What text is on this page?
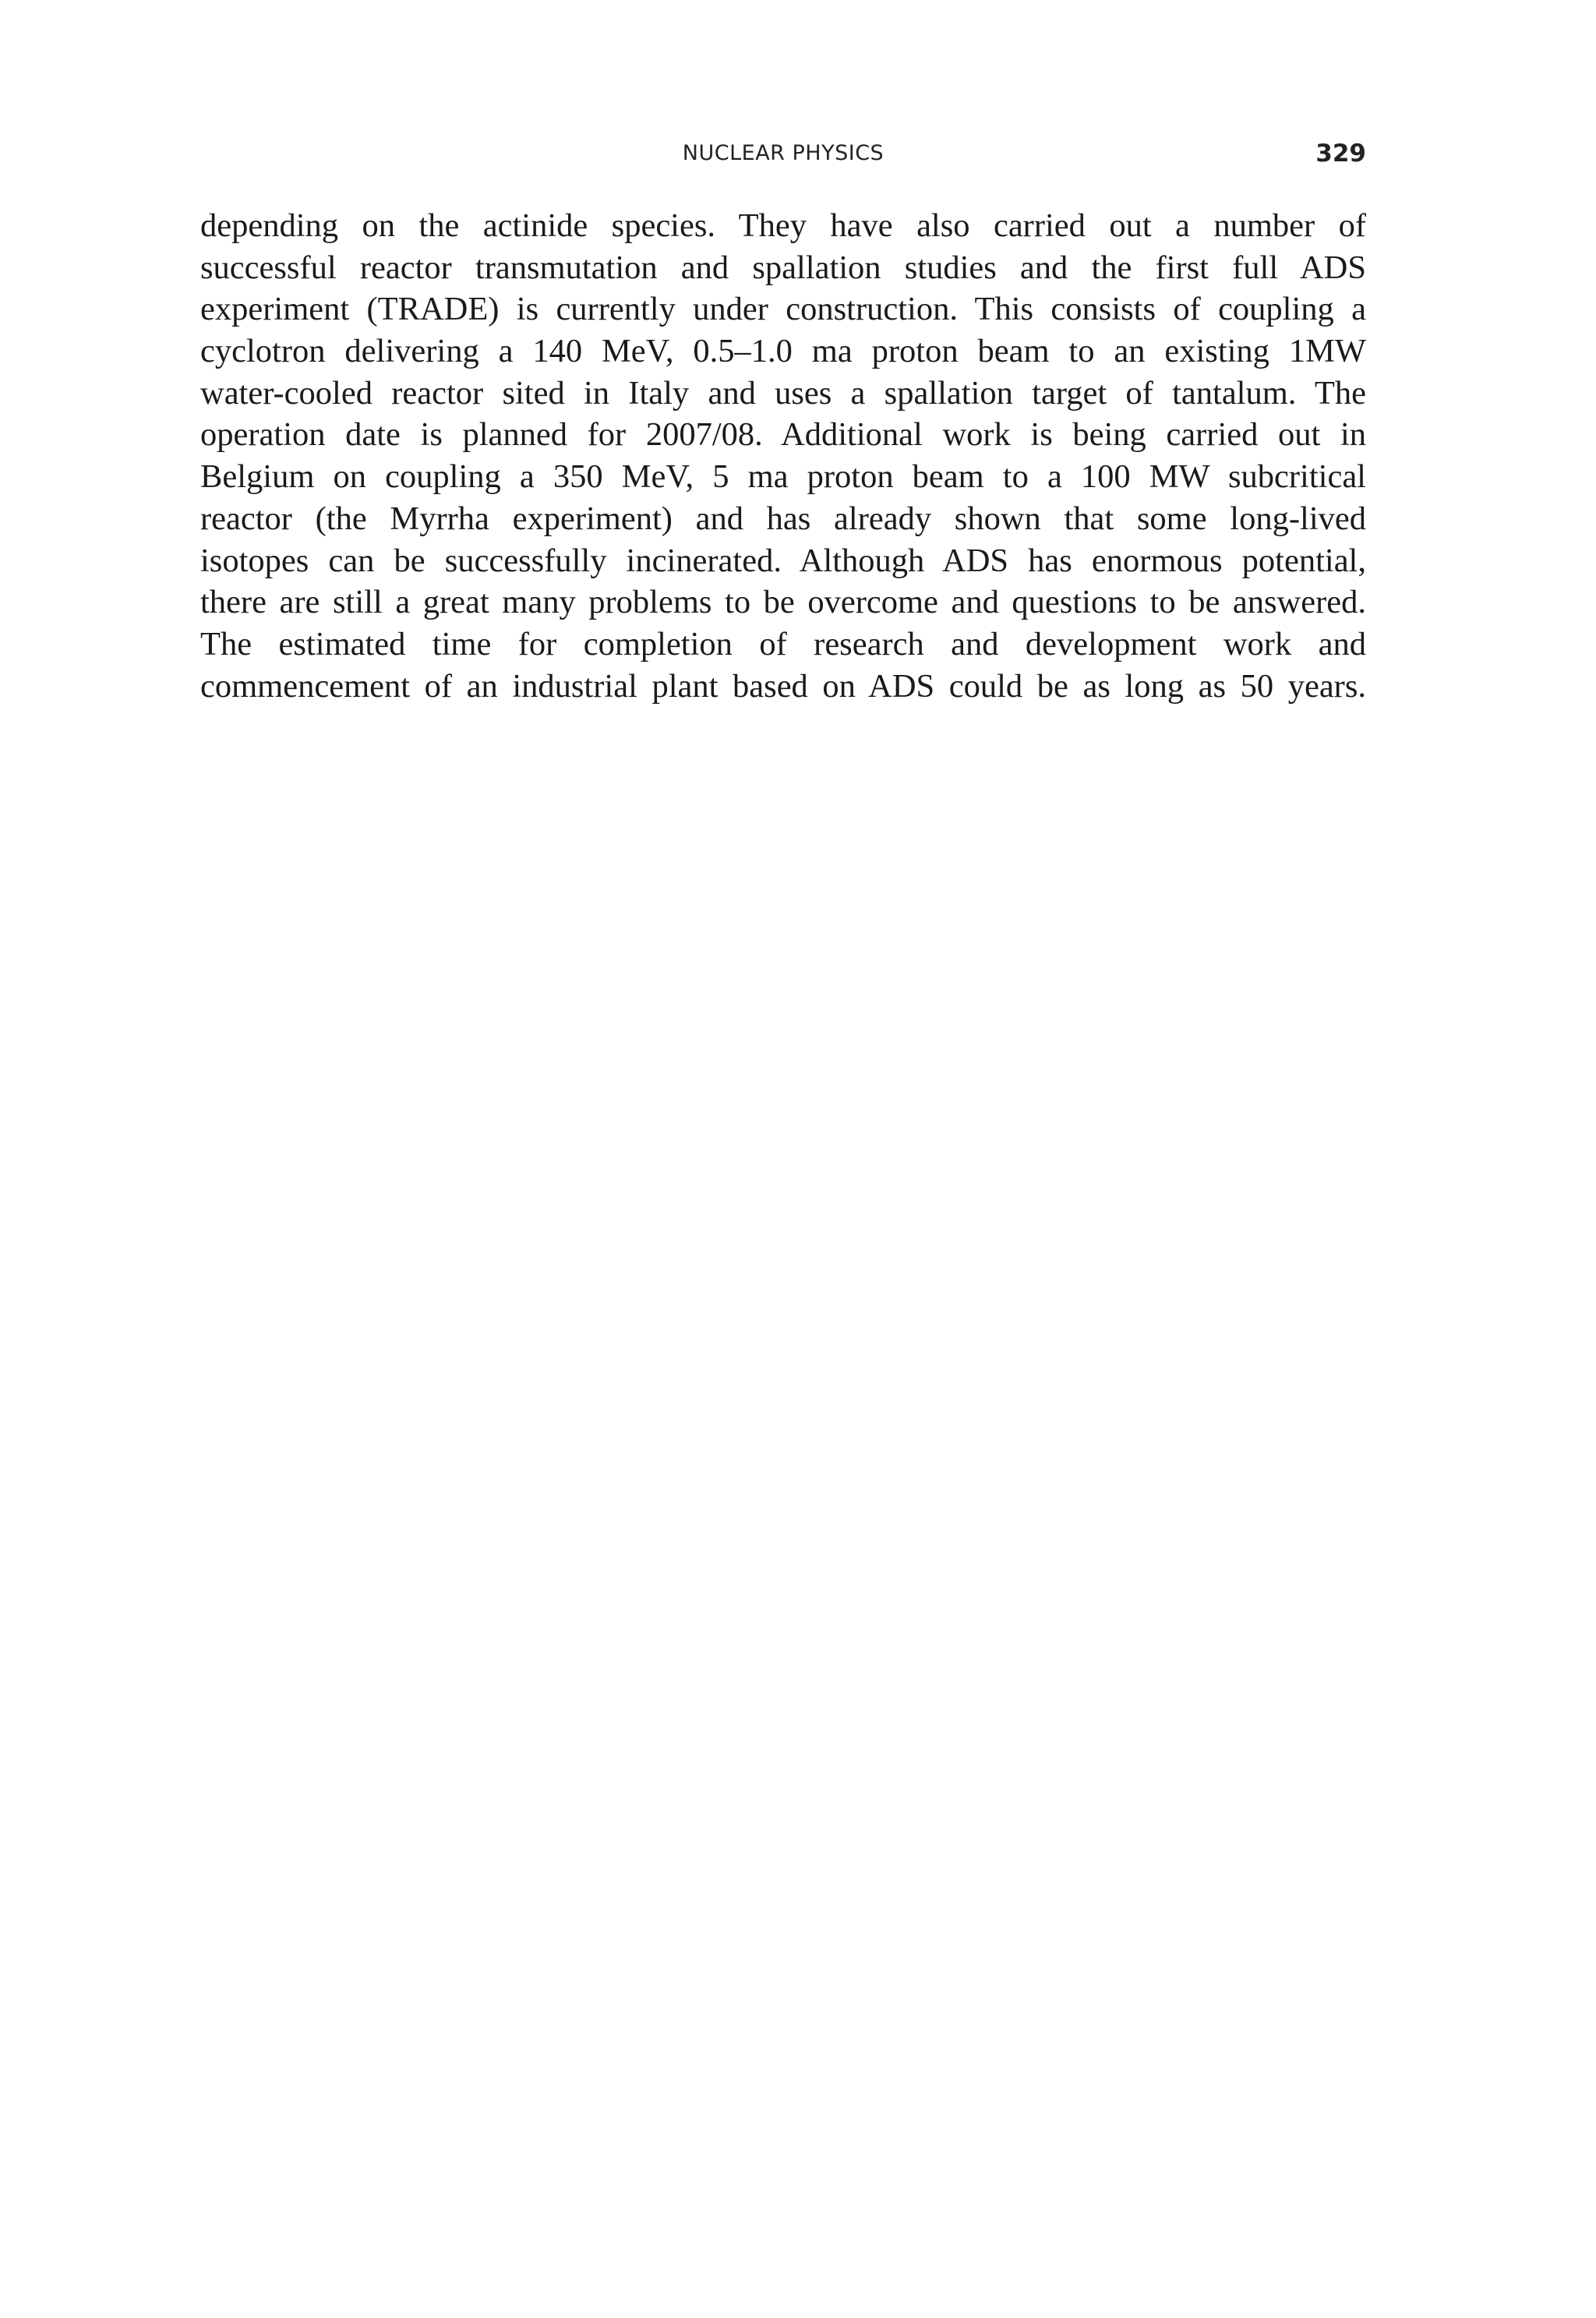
NUCLEAR PHYSICS	329
depending on the actinide species. They have also carried out a number of
successful reactor transmutation and spallation studies and the first full ADS
experiment (TRADE) is currently under construction. This consists of coupling a
cyclotron delivering a 140 MeV, 0.5–1.0 ma proton beam to an existing 1MW
water-cooled reactor sited in Italy and uses a spallation target of tantalum. The
operation date is planned for 2007/08. Additional work is being carried out in
Belgium on coupling a 350 MeV, 5 ma proton beam to a 100 MW subcritical
reactor (the Myrrha experiment) and has already shown that some long-lived
isotopes can be successfully incinerated. Although ADS has enormous potential,
there are still a great many problems to be overcome and questions to be answered.
The estimated time for completion of research and development work and
commencement of an industrial plant based on ADS could be as long as 50 years.
